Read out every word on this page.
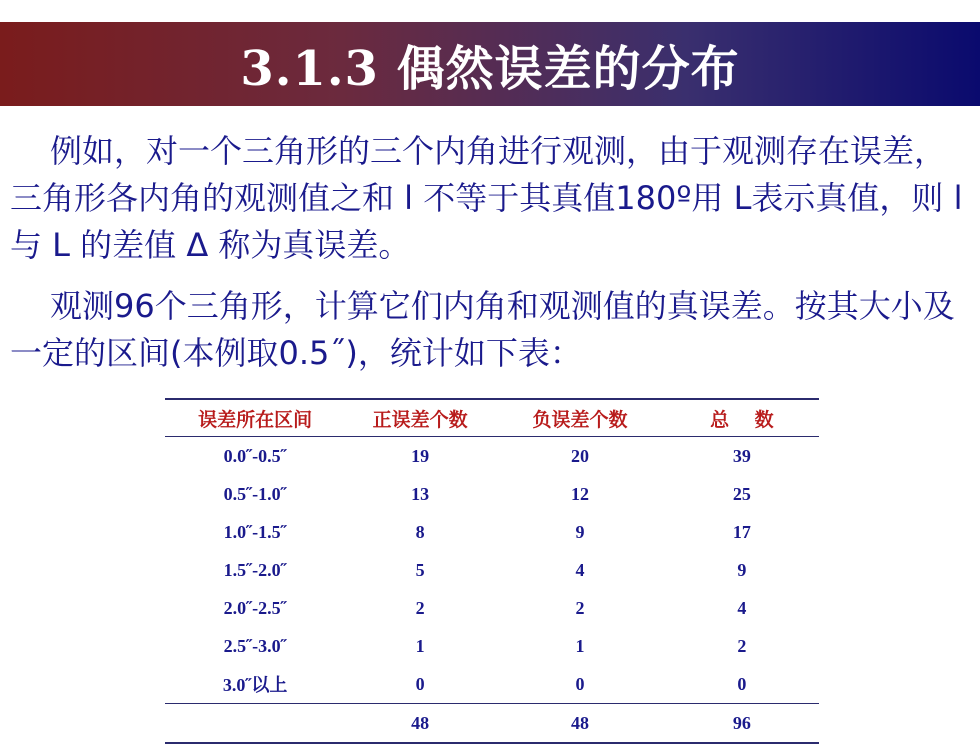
3.1.3 偶然误差的分布

例如，对一个三角形的三个内角进行观测，由于观测存在误差，三角形各内角的观测值之和 l 不等于其真值180º用 L表示真值，则 l 与 L 的差值 Δ 称为真误差。

观测96个三角形，计算它们内角和观测值的真误差。按其大小及一定的区间(本例取0.5˝)，统计如下表：

误差所在区间	正误差个数	负误差个数	总　 数
0.0˝-0.5˝	19	20	39
0.5˝-1.0˝	13	12	25
1.0˝-1.5˝	8	9	17
1.5˝-2.0˝	5	4	9
2.0˝-2.5˝	2	2	4
2.5˝-3.0˝	1	1	2
3.0˝以上	0	0	0
	48	48	96
